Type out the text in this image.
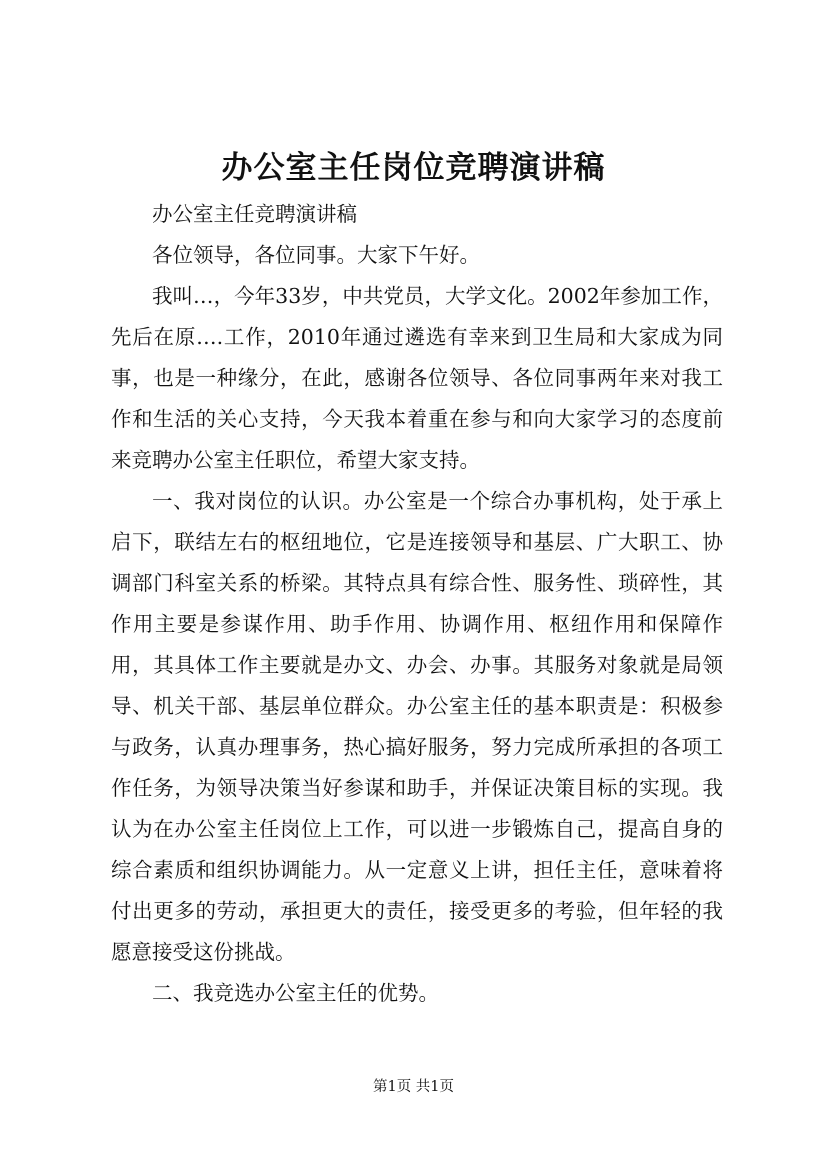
办公室主任岗位竞聘演讲稿

办公室主任竞聘演讲稿

各位领导，各位同事。大家下午好。

我叫…，今年33岁，中共党员，大学文化。2002年参加工作，先后在原….工作，2010年通过遴选有幸来到卫生局和大家成为同事，也是一种缘分，在此，感谢各位领导、各位同事两年来对我工作和生活的关心支持，今天我本着重在参与和向大家学习的态度前来竞聘办公室主任职位，希望大家支持。

一、我对岗位的认识。办公室是一个综合办事机构，处于承上启下，联结左右的枢纽地位，它是连接领导和基层、广大职工、协调部门科室关系的桥梁。其特点具有综合性、服务性、琐碎性，其作用主要是参谋作用、助手作用、协调作用、枢纽作用和保障作用，其具体工作主要就是办文、办会、办事。其服务对象就是局领导、机关干部、基层单位群众。办公室主任的基本职责是：积极参与政务，认真办理事务，热心搞好服务，努力完成所承担的各项工作任务，为领导决策当好参谋和助手，并保证决策目标的实现。我认为在办公室主任岗位上工作，可以进一步锻炼自己，提高自身的综合素质和组织协调能力。从一定意义上讲，担任主任，意味着将付出更多的劳动，承担更大的责任，接受更多的考验，但年轻的我愿意接受这份挑战。

二、我竞选办公室主任的优势。

第1页 共1页
